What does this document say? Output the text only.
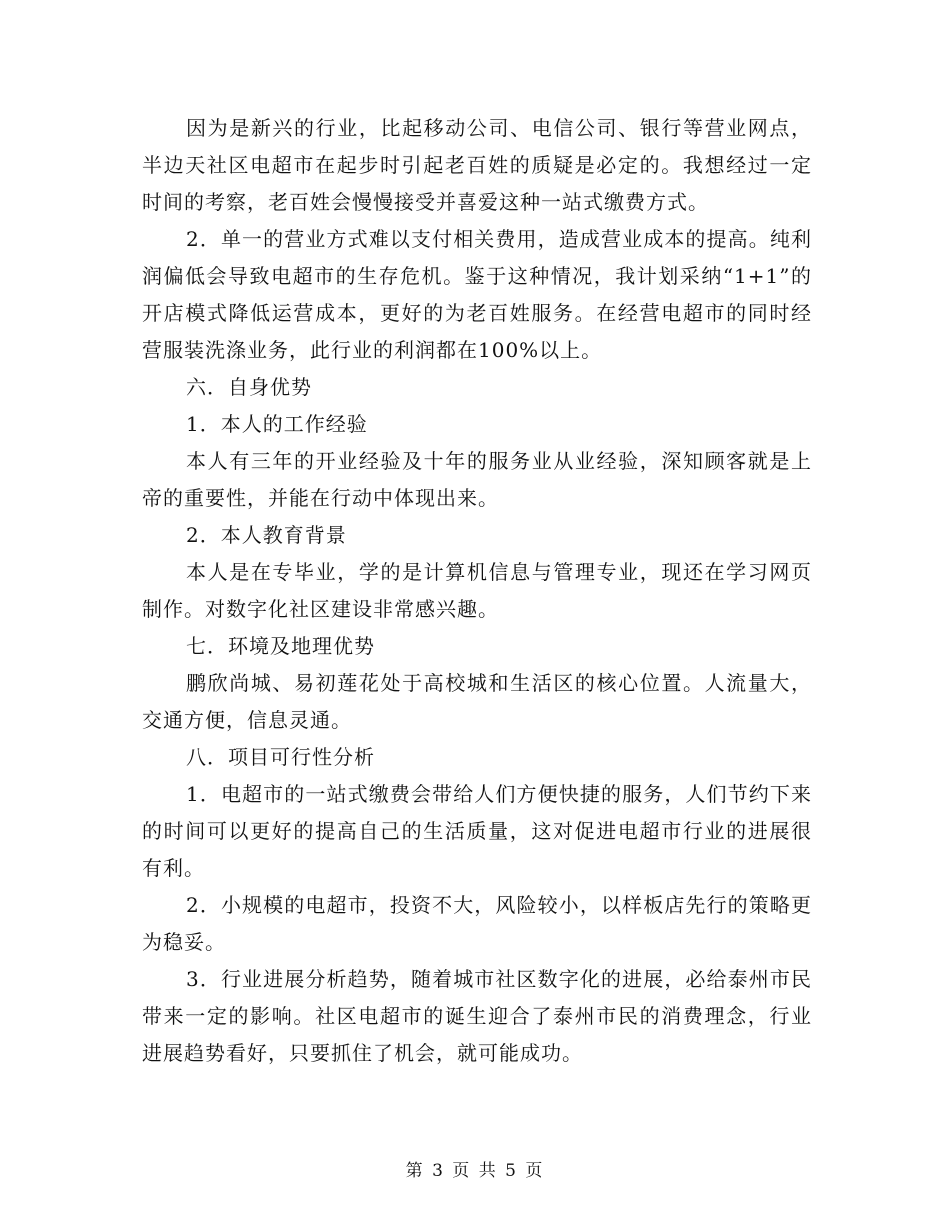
因为是新兴的行业，比起移动公司、电信公司、银行等营业网点，半边天社区电超市在起步时引起老百姓的质疑是必定的。我想经过一定时间的考察，老百姓会慢慢接受并喜爱这种一站式缴费方式。

2．单一的营业方式难以支付相关费用，造成营业成本的提高。纯利润偏低会导致电超市的生存危机。鉴于这种情况，我计划采纳“1+1”的开店模式降低运营成本，更好的为老百姓服务。在经营电超市的同时经营服装洗涤业务，此行业的利润都在100%以上。

六．自身优势

1．本人的工作经验

本人有三年的开业经验及十年的服务业从业经验，深知顾客就是上帝的重要性，并能在行动中体现出来。

2．本人教育背景

本人是在专毕业，学的是计算机信息与管理专业，现还在学习网页制作。对数字化社区建设非常感兴趣。

七．环境及地理优势

鹏欣尚城、易初莲花处于高校城和生活区的核心位置。人流量大，交通方便，信息灵通。

八．项目可行性分析

1．电超市的一站式缴费会带给人们方便快捷的服务，人们节约下来的时间可以更好的提高自己的生活质量，这对促进电超市行业的进展很有利。

2．小规模的电超市，投资不大，风险较小，以样板店先行的策略更为稳妥。

3．行业进展分析趋势，随着城市社区数字化的进展，必给泰州市民带来一定的影响。社区电超市的诞生迎合了泰州市民的消费理念，行业进展趋势看好，只要抓住了机会，就可能成功。

第 3 页 共 5 页
